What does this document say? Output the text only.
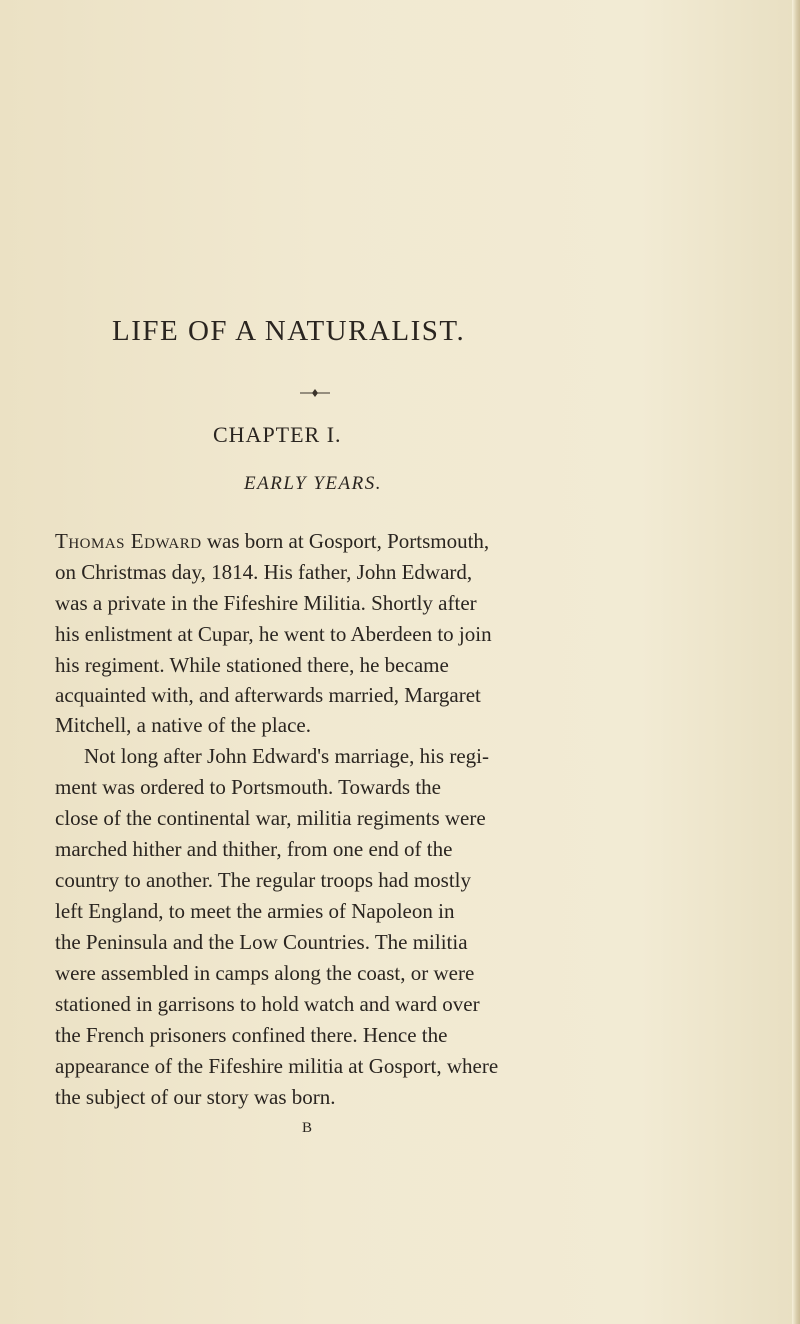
LIFE OF A NATURALIST.
CHAPTER I.
EARLY YEARS.
Thomas Edward was born at Gosport, Portsmouth,
on Christmas day, 1814. His father, John Edward,
was a private in the Fifeshire Militia. Shortly after
his enlistment at Cupar, he went to Aberdeen to join
his regiment. While stationed there, he became
acquainted with, and afterwards married, Margaret
Mitchell, a native of the place.
Not long after John Edward's marriage, his regi-
ment was ordered to Portsmouth. Towards the
close of the continental war, militia regiments were
marched hither and thither, from one end of the
country to another. The regular troops had mostly
left England, to meet the armies of Napoleon in
the Peninsula and the Low Countries. The militia
were assembled in camps along the coast, or were
stationed in garrisons to hold watch and ward over
the French prisoners confined there. Hence the
appearance of the Fifeshire militia at Gosport, where
the subject of our story was born.
B
